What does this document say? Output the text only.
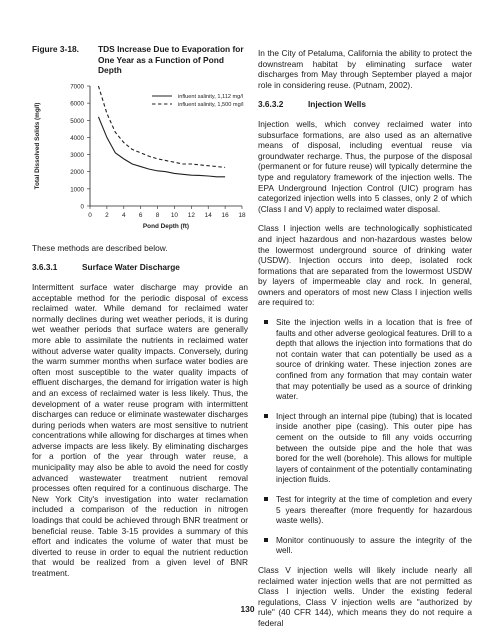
Figure 3-18.	TDS Increase Due to Evaporation for One Year as a Function of Pond Depth
0
1000
2000
3000
4000
5000
6000
7000
0 2 4 6 8 10 12 14 16 18
Pond Depth (ft)
Total Dissolved Solids (mg/l)
influent salinity, 1,112 mg/l
influent salinity, 1,500 mg/l

These methods are described below.

3.6.3.1	Surface Water Discharge

Intermittent surface water discharge may provide an acceptable method for the periodic disposal of excess reclaimed water. While demand for reclaimed water normally declines during wet weather periods, it is during wet weather periods that surface waters are generally more able to assimilate the nutrients in reclaimed water without adverse water quality impacts. Conversely, during the warm summer months when surface water bodies are often most susceptible to the water quality impacts of effluent discharges, the demand for irrigation water is high and an excess of reclaimed water is less likely. Thus, the development of a water reuse program with intermittent discharges can reduce or eliminate wastewater discharges during periods when waters are most sensitive to nutrient concentrations while allowing for discharges at times when adverse impacts are less likely. By eliminating discharges for a portion of the year through water reuse, a municipality may also be able to avoid the need for costly advanced wastewater treatment nutrient removal processes often required for a continuous discharge. The New York City's investigation into water reclamation included a comparison of the reduction in nitrogen loadings that could be achieved through BNR treatment or beneficial reuse. Table 3-15 provides a summary of this effort and indicates the volume of water that must be diverted to reuse in order to equal the nutrient reduction that would be realized from a given level of BNR treatment.

In the City of Petaluma, California the ability to protect the downstream habitat by eliminating surface water discharges from May through September played a major role in considering reuse. (Putnam, 2002).

3.6.3.2	Injection Wells

Injection wells, which convey reclaimed water into subsurface formations, are also used as an alternative means of disposal, including eventual reuse via groundwater recharge. Thus, the purpose of the disposal (permanent or for future reuse) will typically determine the type and regulatory framework of the injection wells. The EPA Underground Injection Control (UIC) program has categorized injection wells into 5 classes, only 2 of which (Class I and V) apply to reclaimed water disposal.

Class I injection wells are technologically sophisticated and inject hazardous and non-hazardous wastes below the lowermost underground source of drinking water (USDW). Injection occurs into deep, isolated rock formations that are separated from the lowermost USDW by layers of impermeable clay and rock. In general, owners and operators of most new Class I injection wells are required to:

Site the injection wells in a location that is free of faults and other adverse geological features. Drill to a depth that allows the injection into formations that do not contain water that can potentially be used as a source of drinking water. These injection zones are confined from any formation that may contain water that may potentially be used as a source of drinking water.
Inject through an internal pipe (tubing) that is located inside another pipe (casing). This outer pipe has cement on the outside to fill any voids occurring between the outside pipe and the hole that was bored for the well (borehole). This allows for multiple layers of containment of the potentially contaminating injection fluids.
Test for integrity at the time of completion and every 5 years thereafter (more frequently for hazardous waste wells).
Monitor continuously to assure the integrity of the well.

Class V injection wells will likely include nearly all reclaimed water injection wells that are not permitted as Class I injection wells. Under the existing federal regulations, Class V injection wells are "authorized by rule" (40 CFR 144), which means they do not require a federal

130
